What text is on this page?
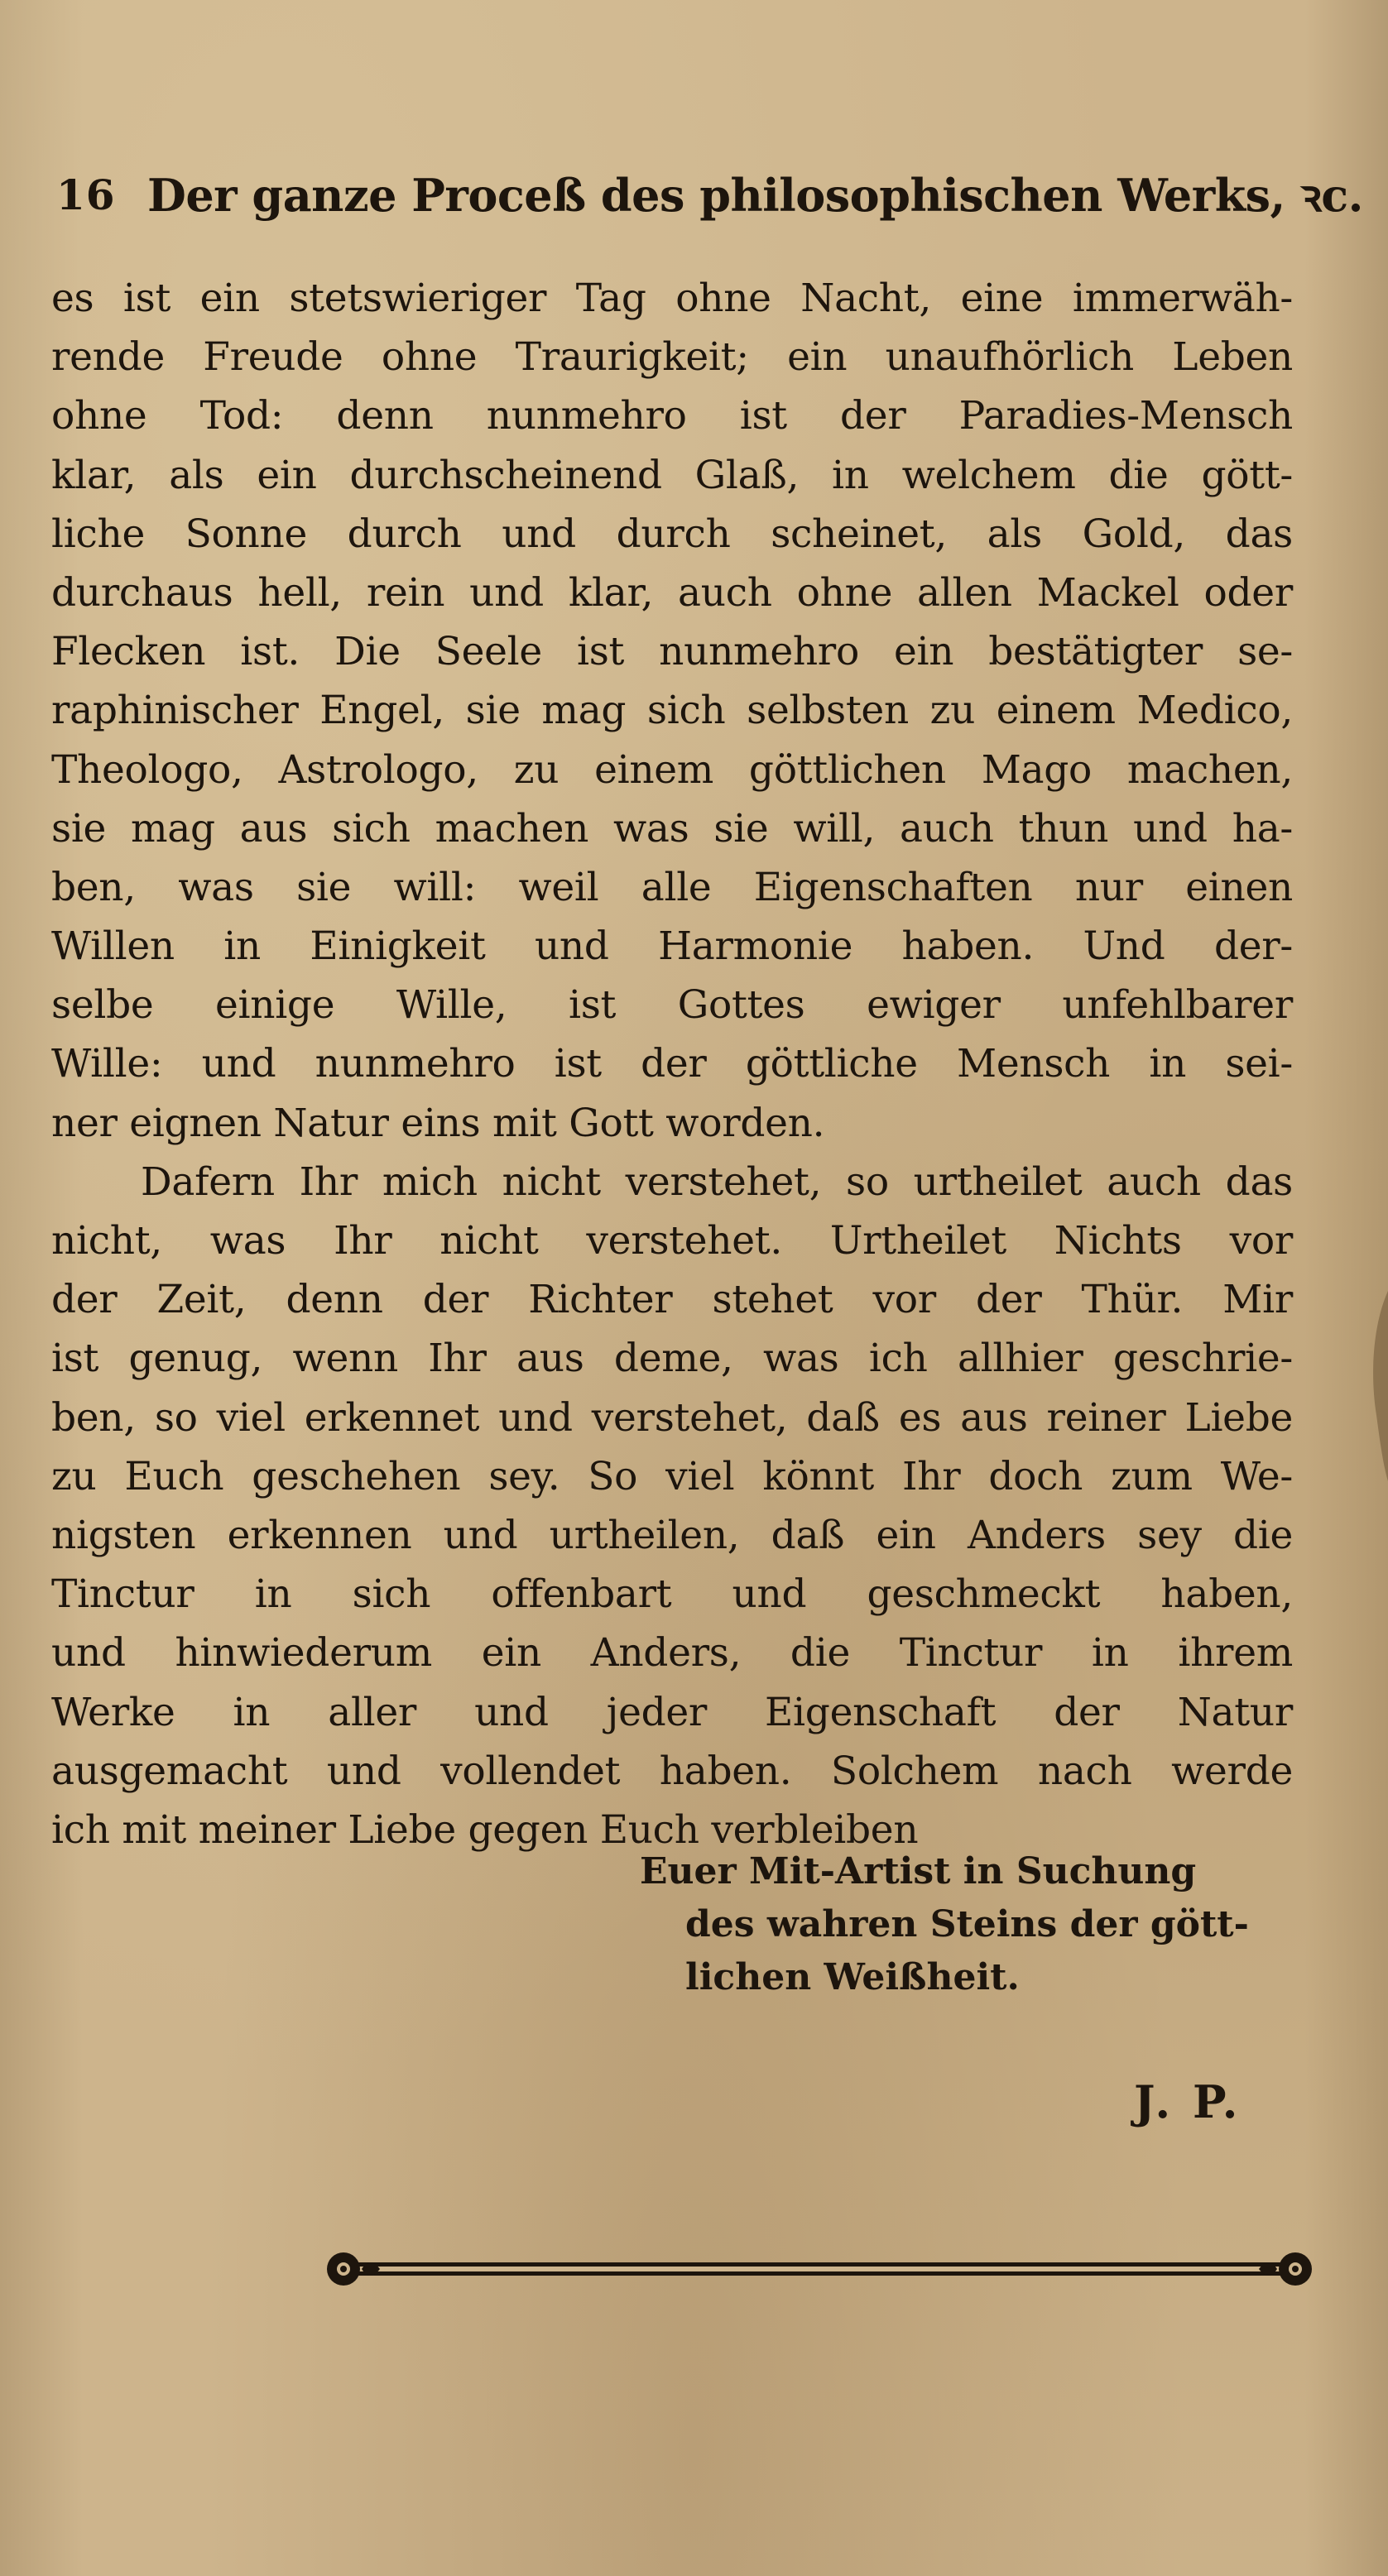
16 Der ganze Proceß des philosophischen Werks, ꝛc.
es ist ein stetswieriger Tag ohne Nacht, eine immerwäh-
rende Freude ohne Traurigkeit; ein unaufhörlich Leben
ohne Tod: denn nunmehro ist der Paradies-Mensch
klar, als ein durchscheinend Glaß, in welchem die gött-
liche Sonne durch und durch scheinet, als Gold, das
durchaus hell, rein und klar, auch ohne allen Mackel oder
Flecken ist. Die Seele ist nunmehro ein bestätigter se-
raphinischer Engel, sie mag sich selbsten zu einem Medico,
Theologo, Astrologo, zu einem göttlichen Mago machen,
sie mag aus sich machen was sie will, auch thun und ha-
ben, was sie will: weil alle Eigenschaften nur einen
Willen in Einigkeit und Harmonie haben. Und der-
selbe einige Wille, ist Gottes ewiger unfehlbarer
Wille: und nunmehro ist der göttliche Mensch in sei-
ner eignen Natur eins mit Gott worden.
Dafern Ihr mich nicht verstehet, so urtheilet auch das
nicht, was Ihr nicht verstehet. Urtheilet Nichts vor
der Zeit, denn der Richter stehet vor der Thür. Mir
ist genug, wenn Ihr aus deme, was ich allhier geschrie-
ben, so viel erkennet und verstehet, daß es aus reiner Liebe
zu Euch geschehen sey. So viel könnt Ihr doch zum We-
nigsten erkennen und urtheilen, daß ein Anders sey die
Tinctur in sich offenbart und geschmeckt haben,
und hinwiederum ein Anders, die Tinctur in ihrem
Werke in aller und jeder Eigenschaft der Natur
ausgemacht und vollendet haben. Solchem nach werde
ich mit meiner Liebe gegen Euch verbleiben
Euer Mit-Artist in Suchung
des wahren Steins der gött-
lichen Weißheit.
J. P.
